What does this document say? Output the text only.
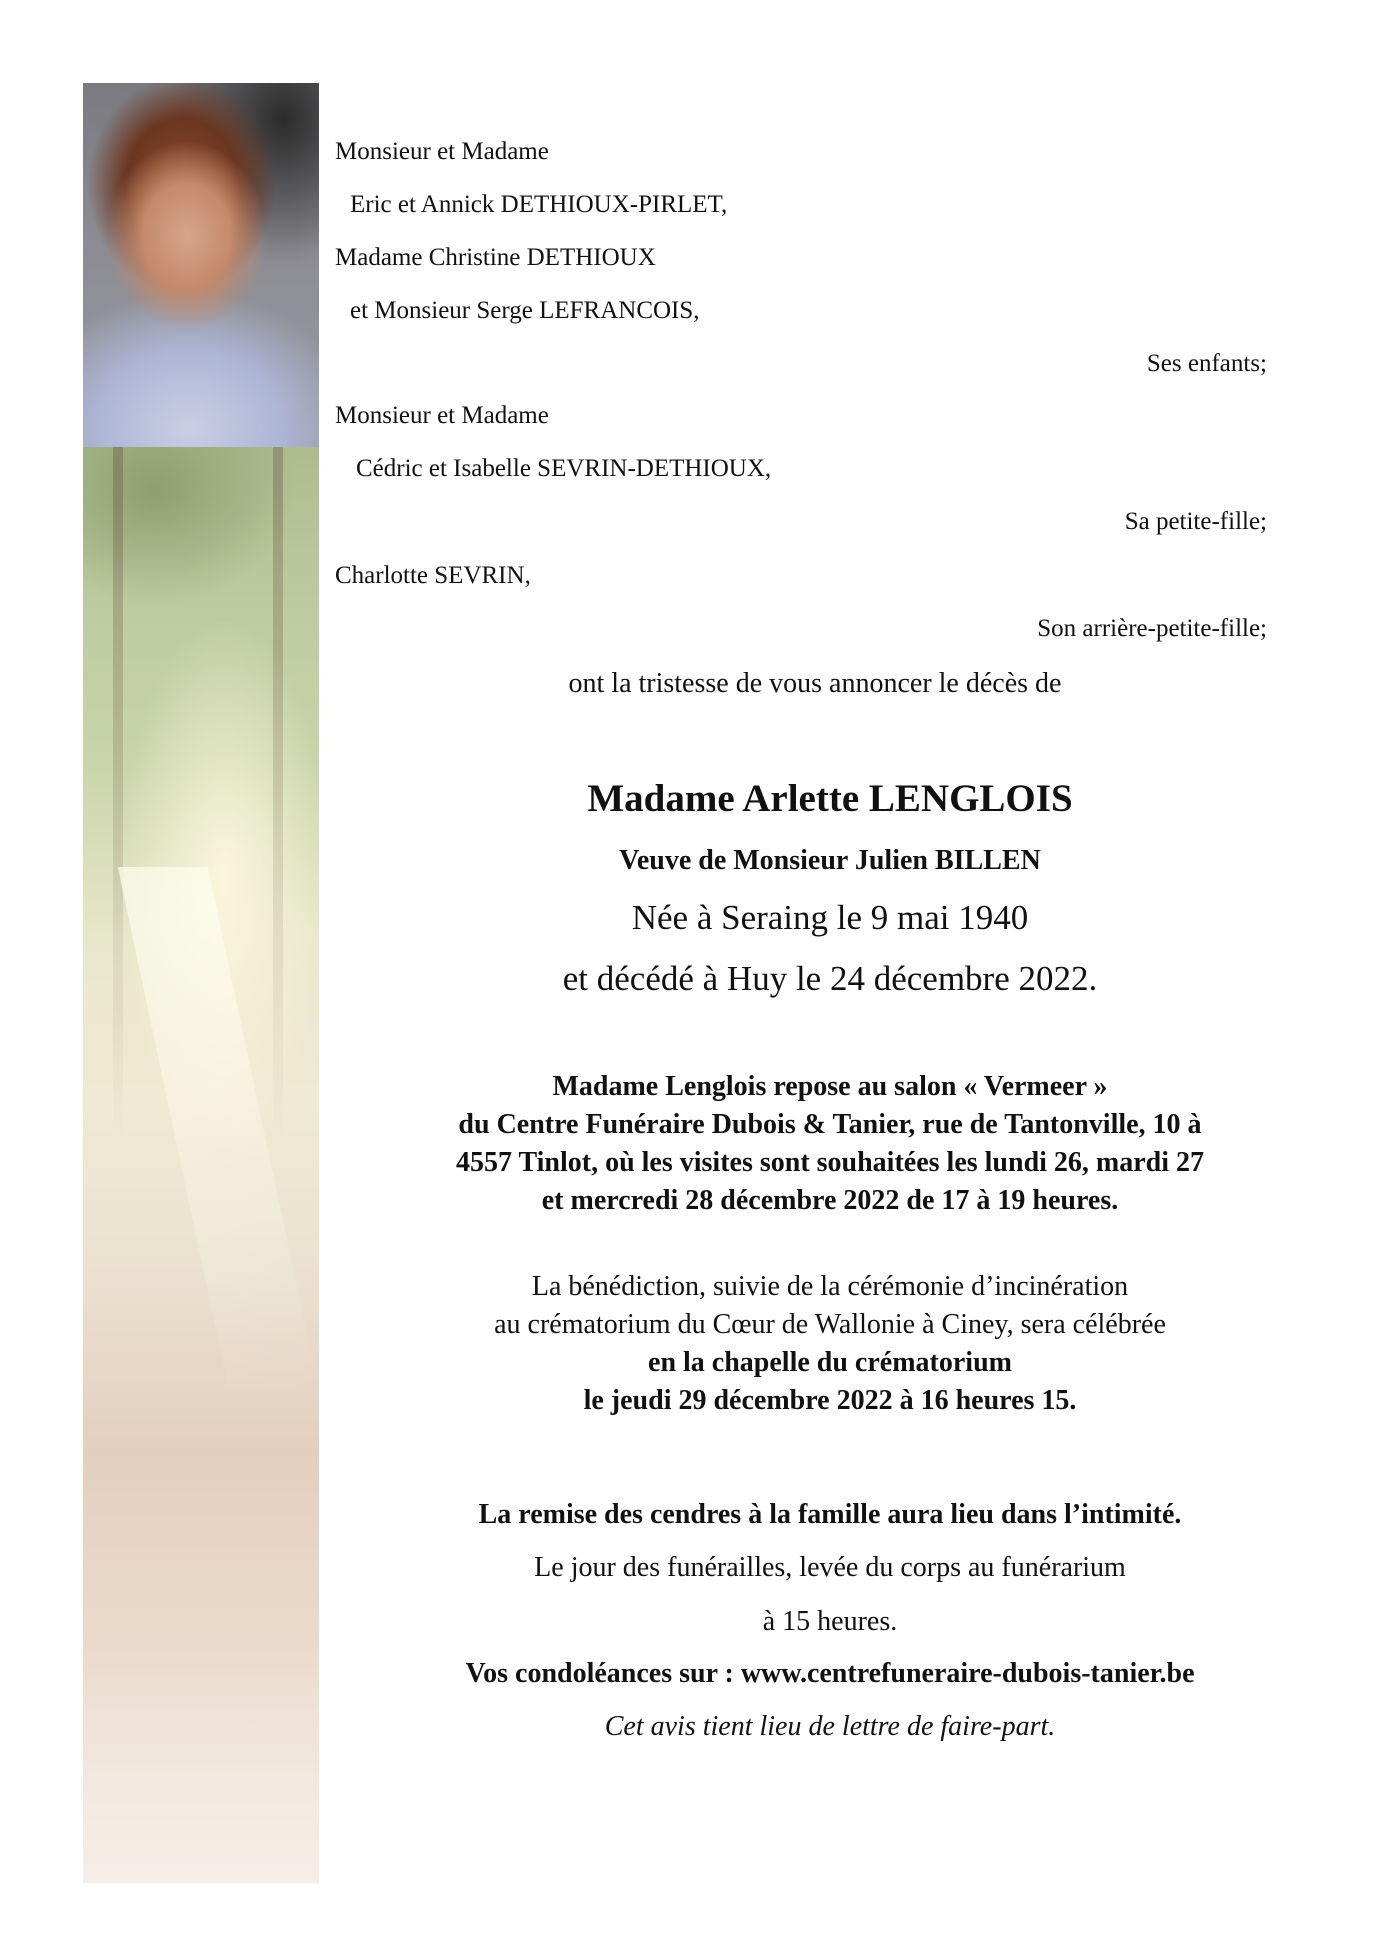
Monsieur et Madame
Eric et Annick DETHIOUX-PIRLET,
Madame Christine DETHIOUX
et Monsieur Serge LEFRANCOIS,
Ses enfants;
Monsieur et Madame
Cédric et Isabelle SEVRIN-DETHIOUX,
Sa petite-fille;
Charlotte SEVRIN,
Son arrière-petite-fille;
ont la tristesse de vous annoncer le décès de
Madame Arlette LENGLOIS
Veuve de Monsieur Julien BILLEN
Née à Seraing le 9 mai 1940
et décédé à Huy le 24 décembre 2022.
Madame Lenglois repose au salon « Vermeer »
du Centre Funéraire Dubois & Tanier, rue de Tantonville, 10 à
4557 Tinlot, où les visites sont souhaitées les lundi 26, mardi 27
et mercredi 28 décembre 2022 de 17 à 19 heures.
La bénédiction, suivie de la cérémonie d’incinération
au crématorium du Cœur de Wallonie à Ciney, sera célébrée
en la chapelle du crématorium
le jeudi 29 décembre 2022 à 16 heures 15.
La remise des cendres à la famille aura lieu dans l’intimité.
Le jour des funérailles, levée du corps au funérarium
à 15 heures.
Vos condoléances sur : www.centrefuneraire-dubois-tanier.be
Cet avis tient lieu de lettre de faire-part.
